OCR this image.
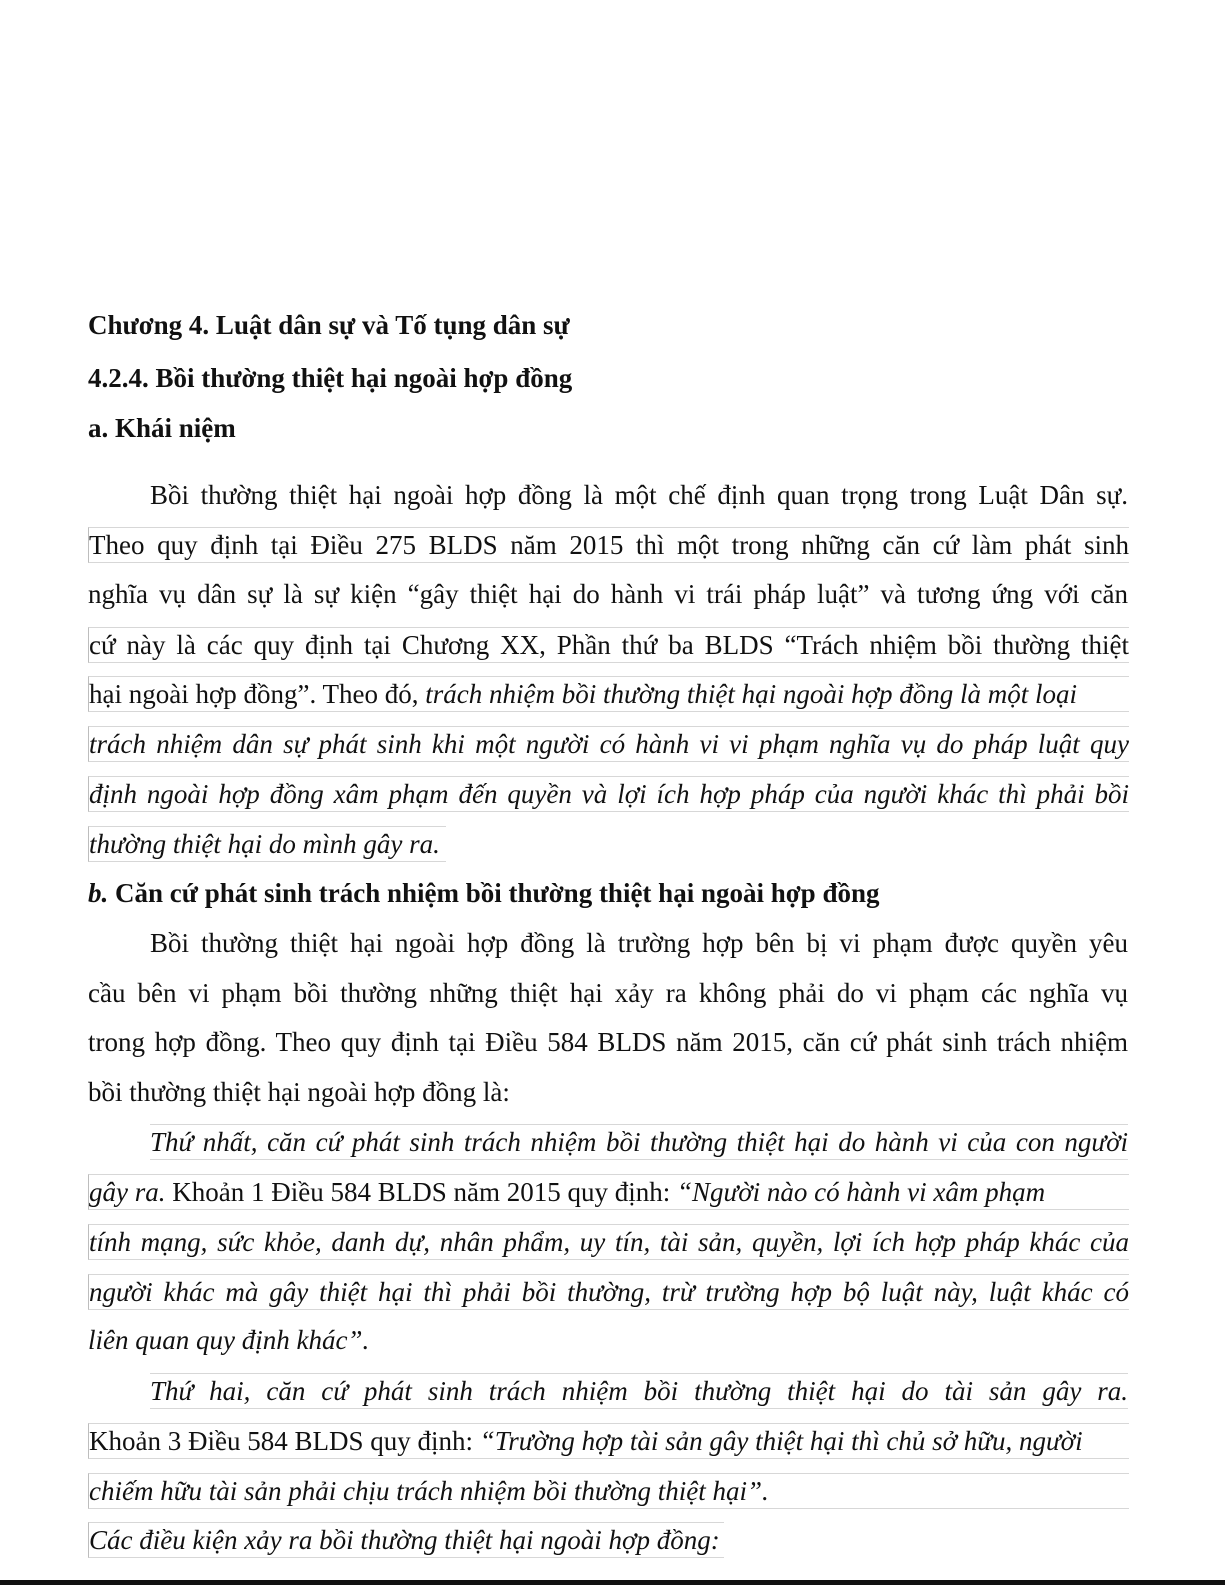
Chương 4. Luật dân sự và Tố tụng dân sự
4.2.4. Bồi thường thiệt hại ngoài hợp đồng
a. Khái niệm
Bồi thường thiệt hại ngoài hợp đồng là một chế định quan trọng trong Luật Dân sự.
Theo quy định tại Điều 275 BLDS năm 2015 thì một trong những căn cứ làm phát sinh
nghĩa vụ dân sự là sự kiện “gây thiệt hại do hành vi trái pháp luật” và tương ứng với căn
cứ này là các quy định tại Chương XX, Phần thứ ba BLDS “Trách nhiệm bồi thường thiệt
hại ngoài hợp đồng”. Theo đó, trách nhiệm bồi thường thiệt hại ngoài hợp đồng là một loại
trách nhiệm dân sự phát sinh khi một người có hành vi vi phạm nghĩa vụ do pháp luật quy
định ngoài hợp đồng xâm phạm đến quyền và lợi ích hợp pháp của người khác thì phải bồi
thường thiệt hại do mình gây ra.
b. Căn cứ phát sinh trách nhiệm bồi thường thiệt hại ngoài hợp đồng
Bồi thường thiệt hại ngoài hợp đồng là trường hợp bên bị vi phạm được quyền yêu
cầu bên vi phạm bồi thường những thiệt hại xảy ra không phải do vi phạm các nghĩa vụ
trong hợp đồng. Theo quy định tại Điều 584 BLDS năm 2015, căn cứ phát sinh trách nhiệm
bồi thường thiệt hại ngoài hợp đồng là:
Thứ nhất, căn cứ phát sinh trách nhiệm bồi thường thiệt hại do hành vi của con người
gây ra. Khoản 1 Điều 584 BLDS năm 2015 quy định: “Người nào có hành vi xâm phạm
tính mạng, sức khỏe, danh dự, nhân phẩm, uy tín, tài sản, quyền, lợi ích hợp pháp khác của
người khác mà gây thiệt hại thì phải bồi thường, trừ trường hợp bộ luật này, luật khác có
liên quan quy định khác”.
Thứ hai, căn cứ phát sinh trách nhiệm bồi thường thiệt hại do tài sản gây ra.
Khoản 3 Điều 584 BLDS quy định: “Trường hợp tài sản gây thiệt hại thì chủ sở hữu, người
chiếm hữu tài sản phải chịu trách nhiệm bồi thường thiệt hại”.
Các điều kiện xảy ra bồi thường thiệt hại ngoài hợp đồng:
